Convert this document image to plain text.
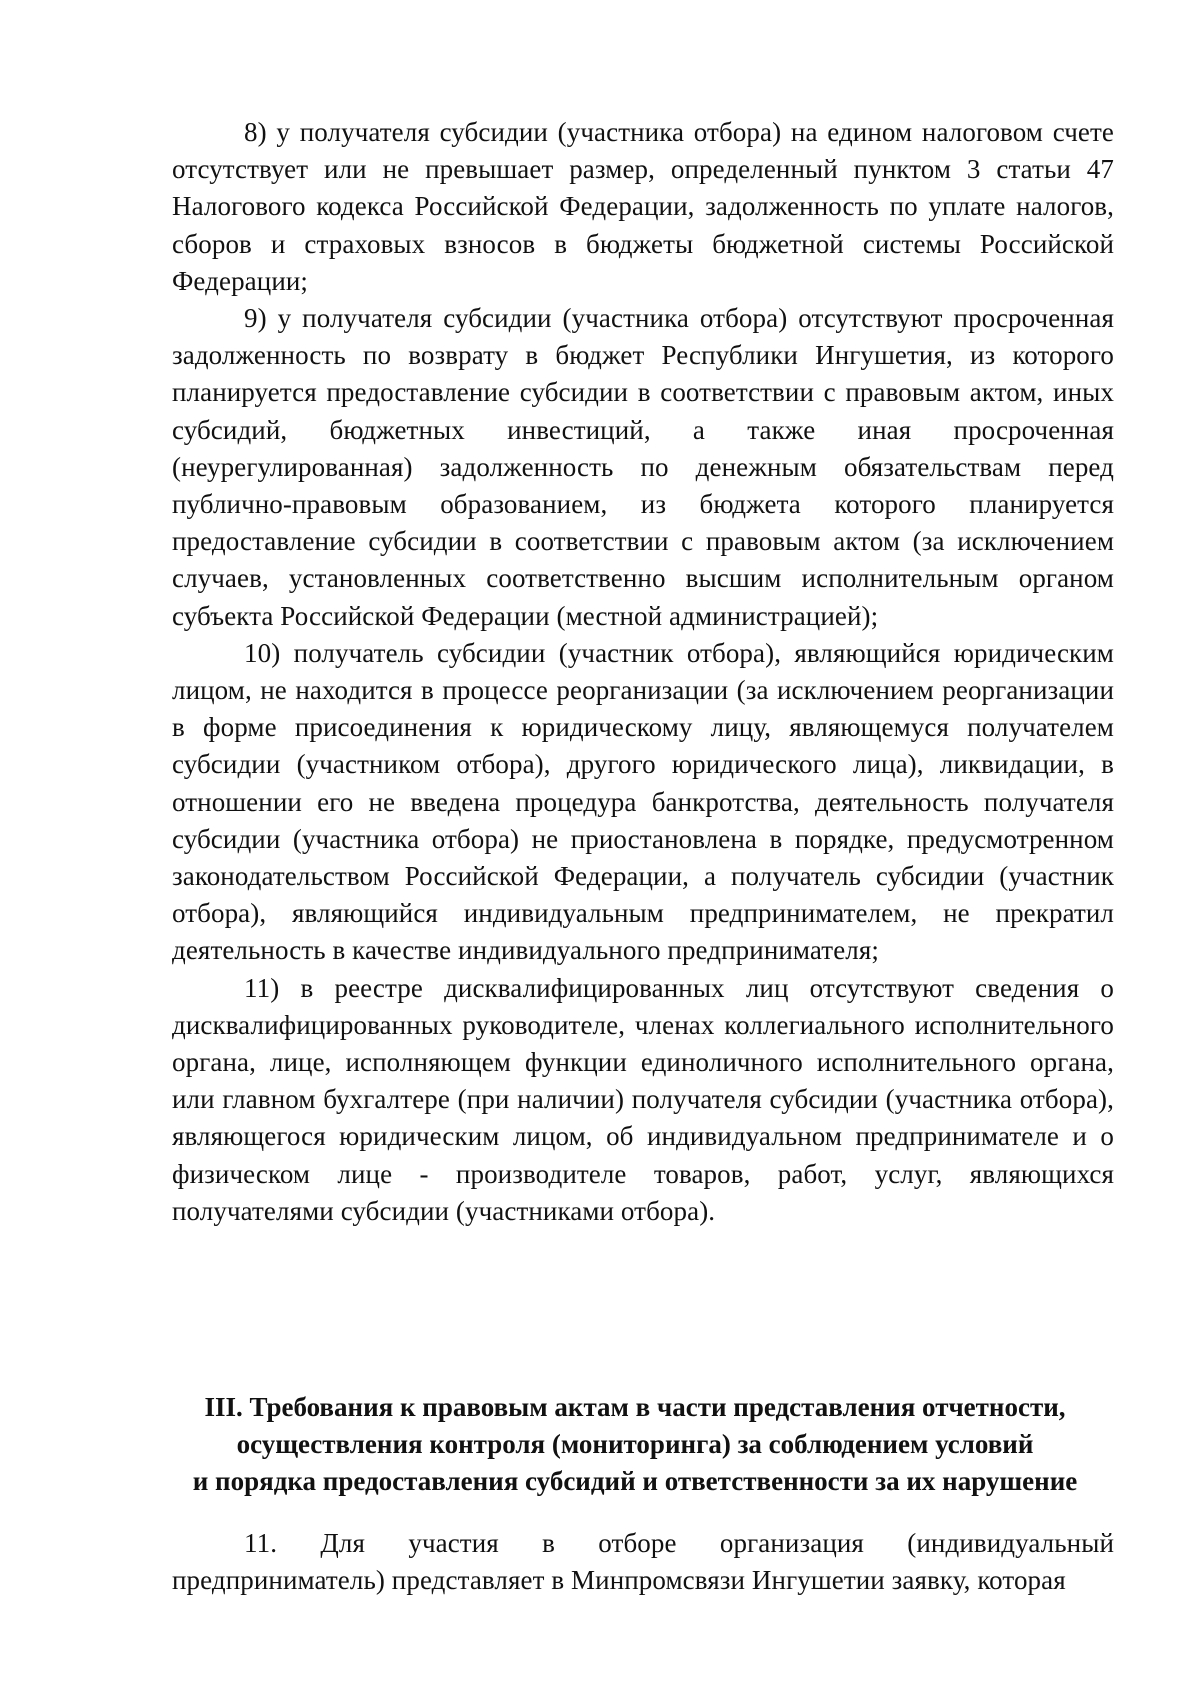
8) у получателя субсидии (участника отбора) на едином налоговом счете отсутствует или не превышает размер, определенный пунктом 3 статьи 47 Налогового кодекса Российской Федерации, задолженность по уплате налогов, сборов и страховых взносов в бюджеты бюджетной системы Российской Федерации;

9) у получателя субсидии (участника отбора) отсутствуют просроченная задолженность по возврату в бюджет Республики Ингушетия, из которого планируется предоставление субсидии в соответствии с правовым актом, иных субсидий, бюджетных инвестиций, а также иная просроченная (неурегулированная) задолженность по денежным обязательствам перед публично-правовым образованием, из бюджета которого планируется предоставление субсидии в соответствии с правовым актом (за исключением случаев, установленных соответственно высшим исполнительным органом субъекта Российской Федерации (местной администрацией);

10) получатель субсидии (участник отбора), являющийся юридическим лицом, не находится в процессе реорганизации (за исключением реорганизации в форме присоединения к юридическому лицу, являющемуся получателем субсидии (участником отбора), другого юридического лица), ликвидации, в отношении его не введена процедура банкротства, деятельность получателя субсидии (участника отбора) не приостановлена в порядке, предусмотренном законодательством Российской Федерации, а получатель субсидии (участник отбора), являющийся индивидуальным предпринимателем, не прекратил деятельность в качестве индивидуального предпринимателя;

11) в реестре дисквалифицированных лиц отсутствуют сведения о дисквалифицированных руководителе, членах коллегиального исполнительного органа, лице, исполняющем функции единоличного исполнительного органа, или главном бухгалтере (при наличии) получателя субсидии (участника отбора), являющегося юридическим лицом, об индивидуальном предпринимателе и о физическом лице - производителе товаров, работ, услуг, являющихся получателями субсидии (участниками отбора).

III. Требования к правовым актам в части представления отчетности,
осуществления контроля (мониторинга) за соблюдением условий
и порядка предоставления субсидий и ответственности за их нарушение

11. Для участия в отборе организация (индивидуальный предприниматель) представляет в Минпромсвязи Ингушетии заявку, которая
